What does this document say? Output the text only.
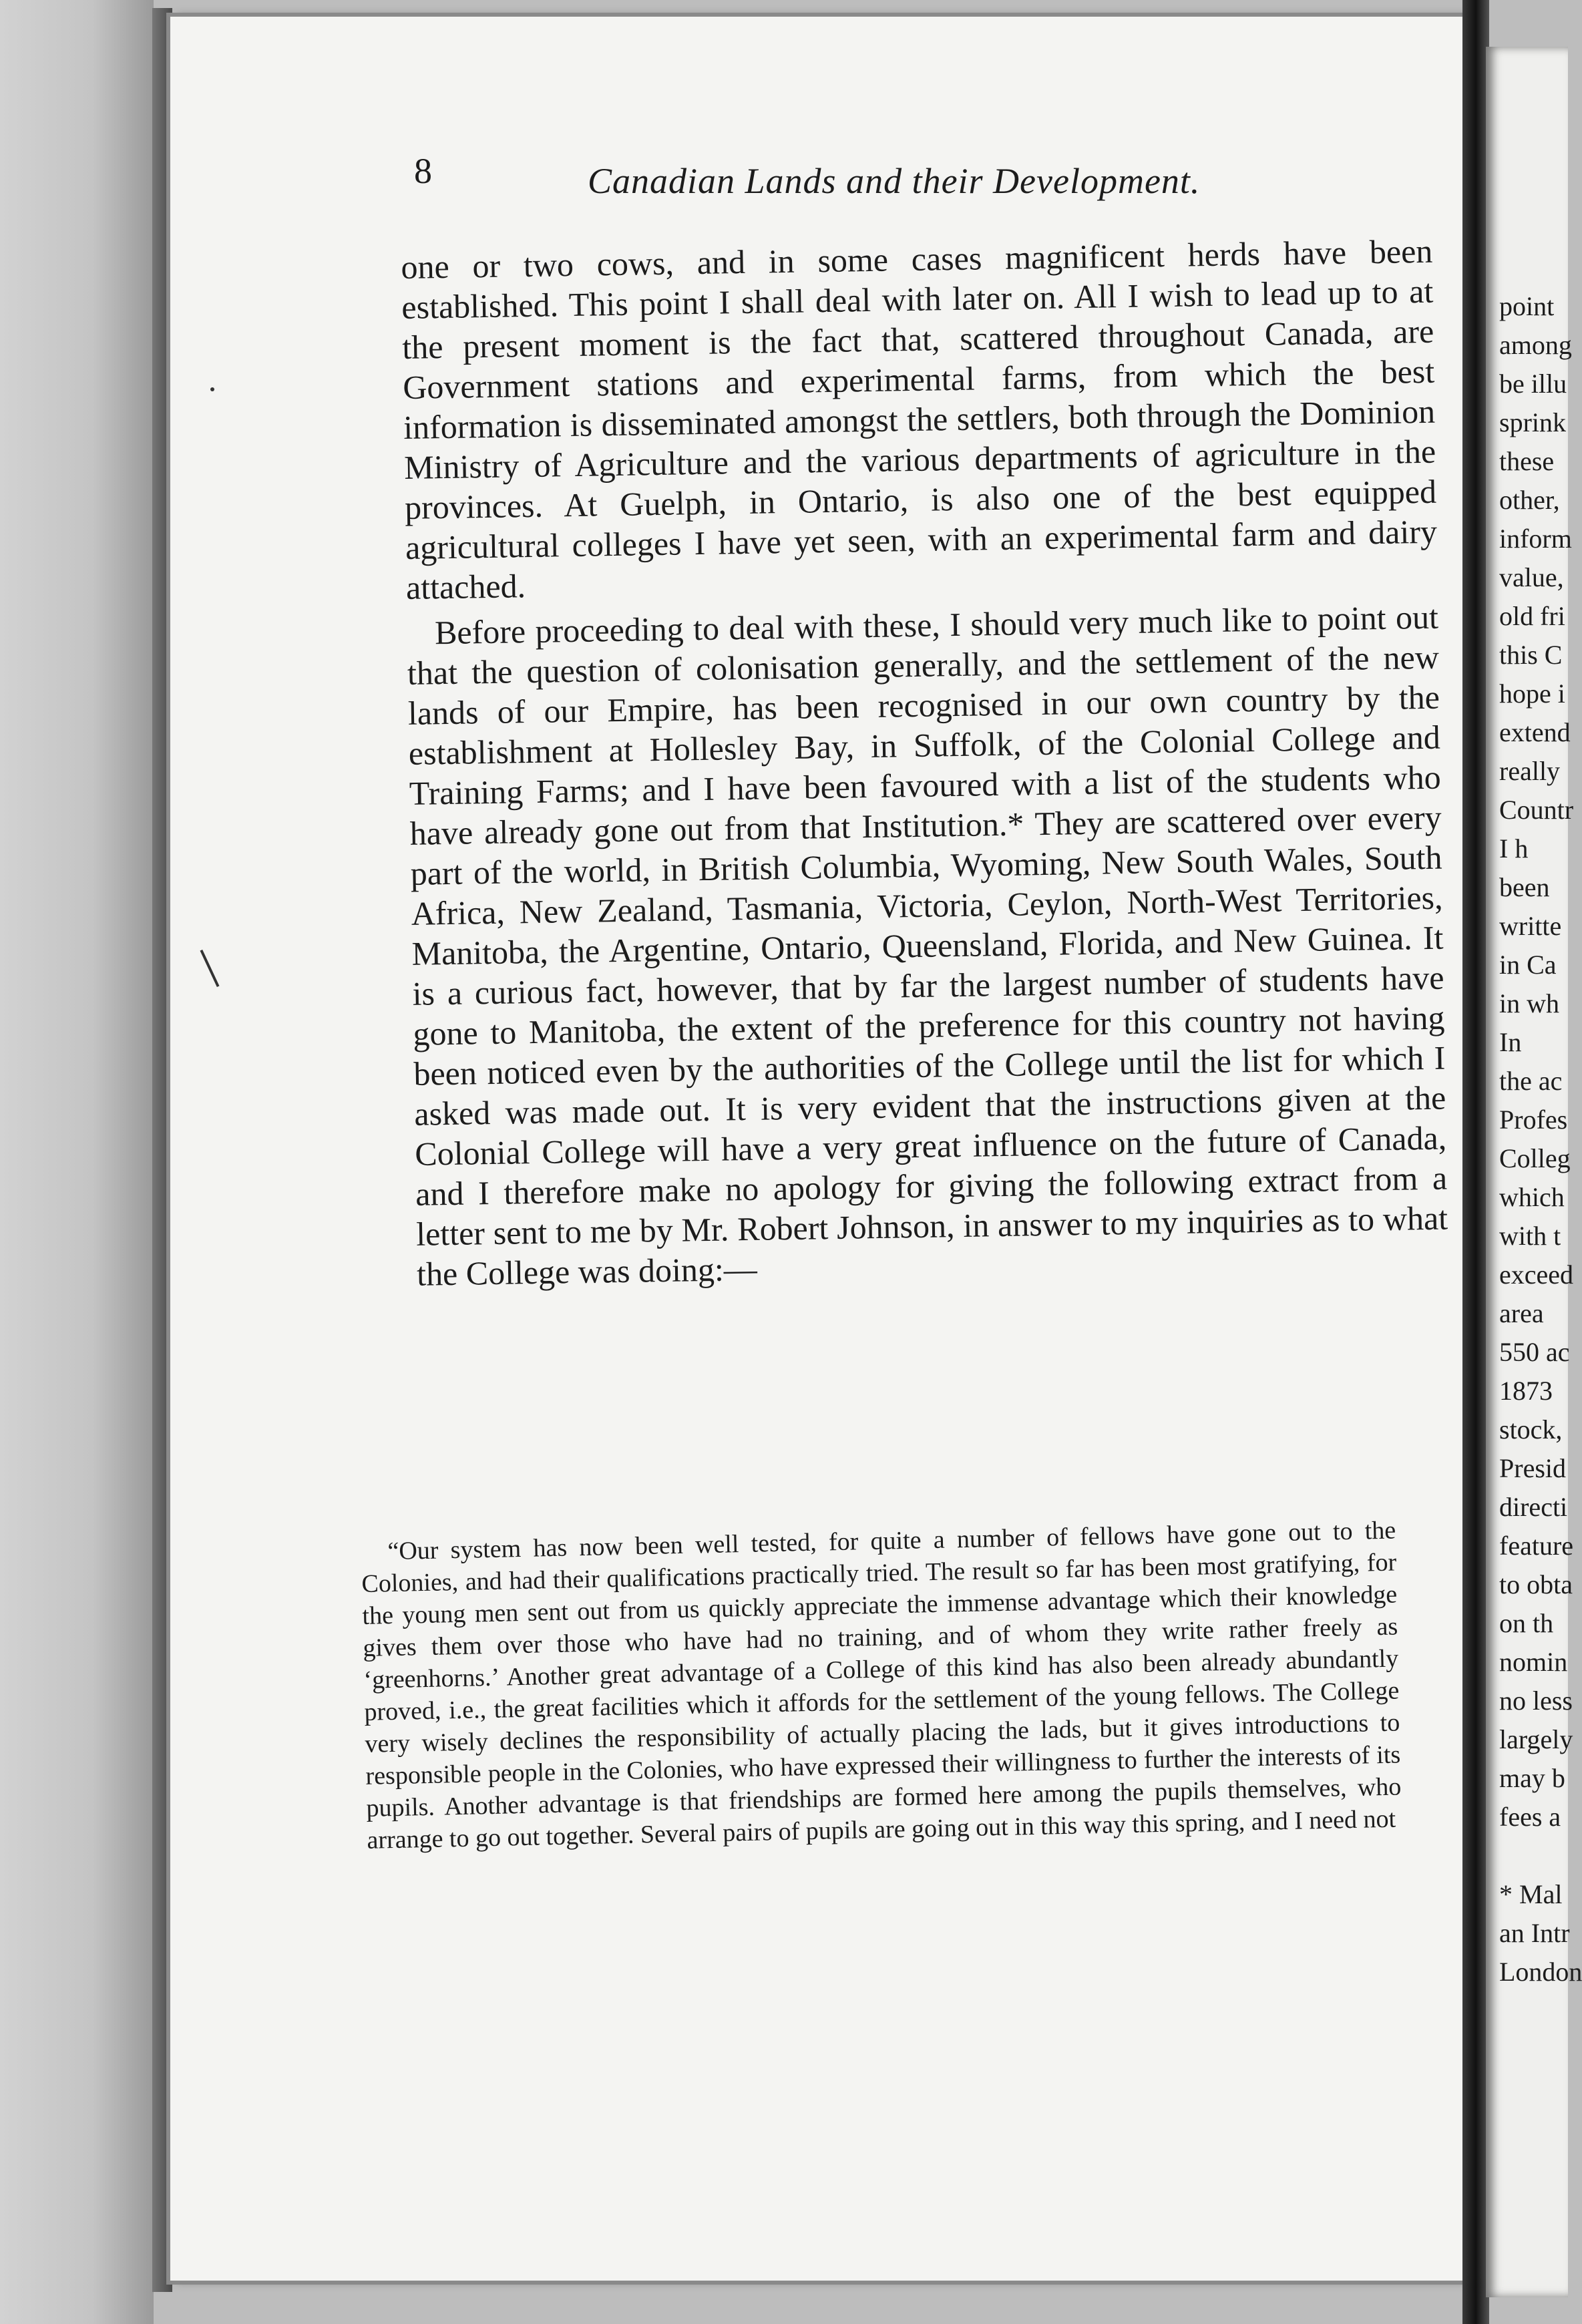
8	Canadian Lands and their Development.

one or two cows, and in some cases magnificent herds have been established. This point I shall deal with later on. All I wish to lead up to at the present moment is the fact that, scattered throughout Canada, are Government stations and experimental farms, from which the best information is disseminated amongst the settlers, both through the Dominion Ministry of Agriculture and the various departments of agriculture in the provinces. At Guelph, in Ontario, is also one of the best equipped agricultural colleges I have yet seen, with an experimental farm and dairy attached.

Before proceeding to deal with these, I should very much like to point out that the question of colonisation generally, and the settlement of the new lands of our Empire, has been recognised in our own country by the establishment at Hollesley Bay, in Suffolk, of the Colonial College and Training Farms; and I have been favoured with a list of the students who have already gone out from that Institution.* They are scattered over every part of the world, in British Columbia, Wyoming, New South Wales, South Africa, New Zealand, Tasmania, Victoria, Ceylon, North-West Territories, Manitoba, the Argentine, Ontario, Queensland, Florida, and New Guinea. It is a curious fact, however, that by far the largest number of students have gone to Manitoba, the extent of the preference for this country not having been noticed even by the authorities of the College until the list for which I asked was made out. It is very evident that the instructions given at the Colonial College will have a very great influence on the future of Canada, and I therefore make no apology for giving the following extract from a letter sent to me by Mr. Robert Johnson, in answer to my inquiries as to what the College was doing:—

“Our system has now been well tested, for quite a number of fellows have gone out to the Colonies, and had their qualifications practically tried. The result so far has been most gratifying, for the young men sent out from us quickly appreciate the immense advantage which their knowledge gives them over those who have had no training, and of whom they write rather freely as ‘greenhorns.’ Another great advantage of a College of this kind has also been already abundantly proved, i.e., the great facilities which it affords for the settlement of the young fellows. The College very wisely declines the responsibility of actually placing the lads, but it gives introductions to responsible people in the Colonies, who have expressed their willingness to further the interests of its pupils. Another advantage is that friendships are formed here among the pupils themselves, who arrange to go out together. Several pairs of pupils are going out in this way this spring, and I need not

point
among
be illu
sprink
these
other,
inform
value,
old fri
this C
hope i
extend
really
Countr
I h
been
writte
in Ca
in wh
In
the ac
Profes
Colleg
which
with t
exceed
area
550 ac
1873
stock,
Presid
directi
feature
to obta
on th
nomin
no less
largely
may b
fees a
* Mal
an Intr
London
